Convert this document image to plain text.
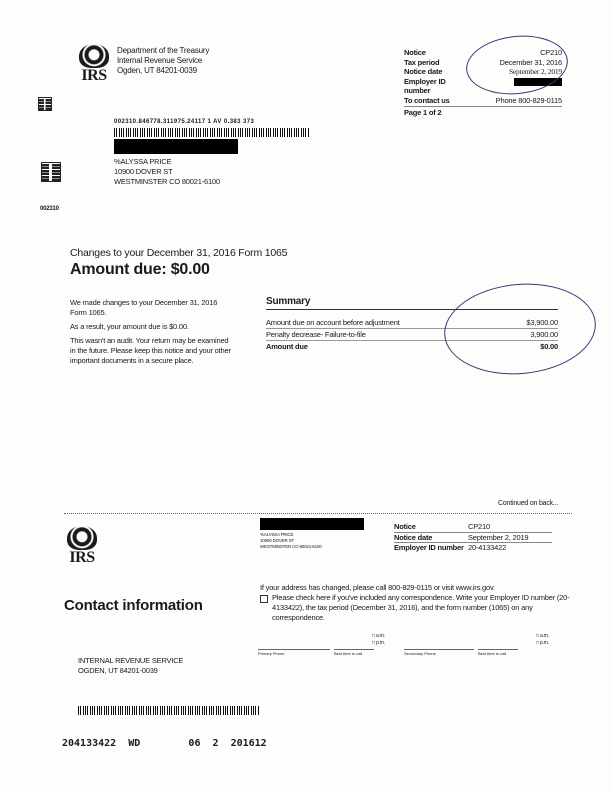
IRS
Department of the Treasury
Internal Revenue Service
Ogden, UT 84201-0039
Notice	CP210
Tax period	December 31, 2016
Notice date	September 2, 2019
Employer ID number
To contact us	Phone 800-829-0115
Page 1 of 2
002310.846778.311975.24117 1 AV 0.383 373
%ALYSSA PRICE
10900 DOVER ST
WESTMINSTER CO 80021-6100
002310
Changes to your December 31, 2016 Form 1065
Amount due: $0.00
We made changes to your December 31, 2016 Form 1065.
As a result, your amount due is $0.00.
This wasn't an audit. Your return may be examined in the future. Please keep this notice and your other important documents in a secure place.
Summary
Amount due on account before adjustment	$3,900.00
Penalty decrease- Failure-to-file	3,900.00
Amount due	$0.00
Continued on back...
IRS
%ALYSSA PRICE
10900 DOVER ST
WESTMINSTER CO 80021-6100
Notice	CP210
Notice date	September 2, 2019
Employer ID number 20-4133422
Contact information
If your address has changed, please call 800-829-0115 or visit www.irs.gov.
Please check here if you've included any correspondence. Write your Employer ID number (20-4133422), the tax period (December 31, 2016), and the form number (1065) on any correspondence.
Primary Phone	Best time to call	Secondary Phone	Best time to call
□ a.m.
□ p.m.
□ a.m.
□ p.m.
INTERNAL REVENUE SERVICE
OGDEN, UT 84201-0039
204133422  WD        06  2  201612
